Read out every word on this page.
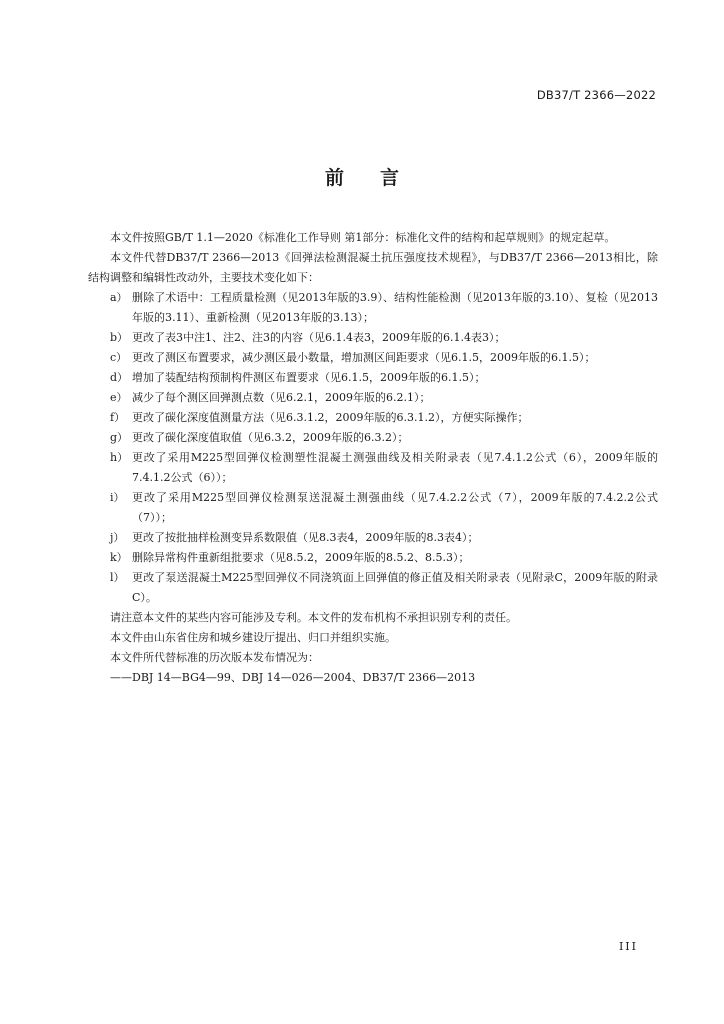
DB37/T 2366—2022
前言

本文件按照GB/T 1.1—2020《标准化工作导则 第1部分：标准化文件的结构和起草规则》的规定起草。

本文件代替DB37/T 2366—2013《回弹法检测混凝土抗压强度技术规程》，与DB37/T 2366—2013相比，除结构调整和编辑性改动外，主要技术变化如下：

a） 删除了术语中：工程质量检测（见2013年版的3.9）、结构性能检测（见2013年版的3.10）、复检（见2013年版的3.11）、重新检测（见2013年版的3.13）；
b） 更改了表3中注1、注2、注3的内容（见6.1.4表3，2009年版的6.1.4表3）；
c） 更改了测区布置要求，减少测区最小数量，增加测区间距要求（见6.1.5，2009年版的6.1.5）；
d） 增加了装配结构预制构件测区布置要求（见6.1.5，2009年版的6.1.5）；
e） 减少了每个测区回弹测点数（见6.2.1，2009年版的6.2.1）；
f） 更改了碳化深度值测量方法（见6.3.1.2，2009年版的6.3.1.2），方便实际操作；
g） 更改了碳化深度值取值（见6.3.2，2009年版的6.3.2）；
h） 更改了采用M225型回弹仪检测塑性混凝土测强曲线及相关附录表（见7.4.1.2公式（6），2009年版的7.4.1.2公式（6））；
i） 更改了采用M225型回弹仪检测泵送混凝土测强曲线（见7.4.2.2公式（7），2009年版的7.4.2.2公式（7））；
j） 更改了按批抽样检测变异系数限值（见8.3表4，2009年版的8.3表4）；
k） 删除异常构件重新组批要求（见8.5.2，2009年版的8.5.2、8.5.3）；
l） 更改了泵送混凝土M225型回弹仪不同浇筑面上回弹值的修正值及相关附录表（见附录C，2009年版的附录C）。

请注意本文件的某些内容可能涉及专利。本文件的发布机构不承担识别专利的责任。

本文件由山东省住房和城乡建设厅提出、归口并组织实施。

本文件所代替标准的历次版本发布情况为：

——DBJ 14—BG4—99、DBJ 14—026—2004、DB37/T 2366—2013

III
